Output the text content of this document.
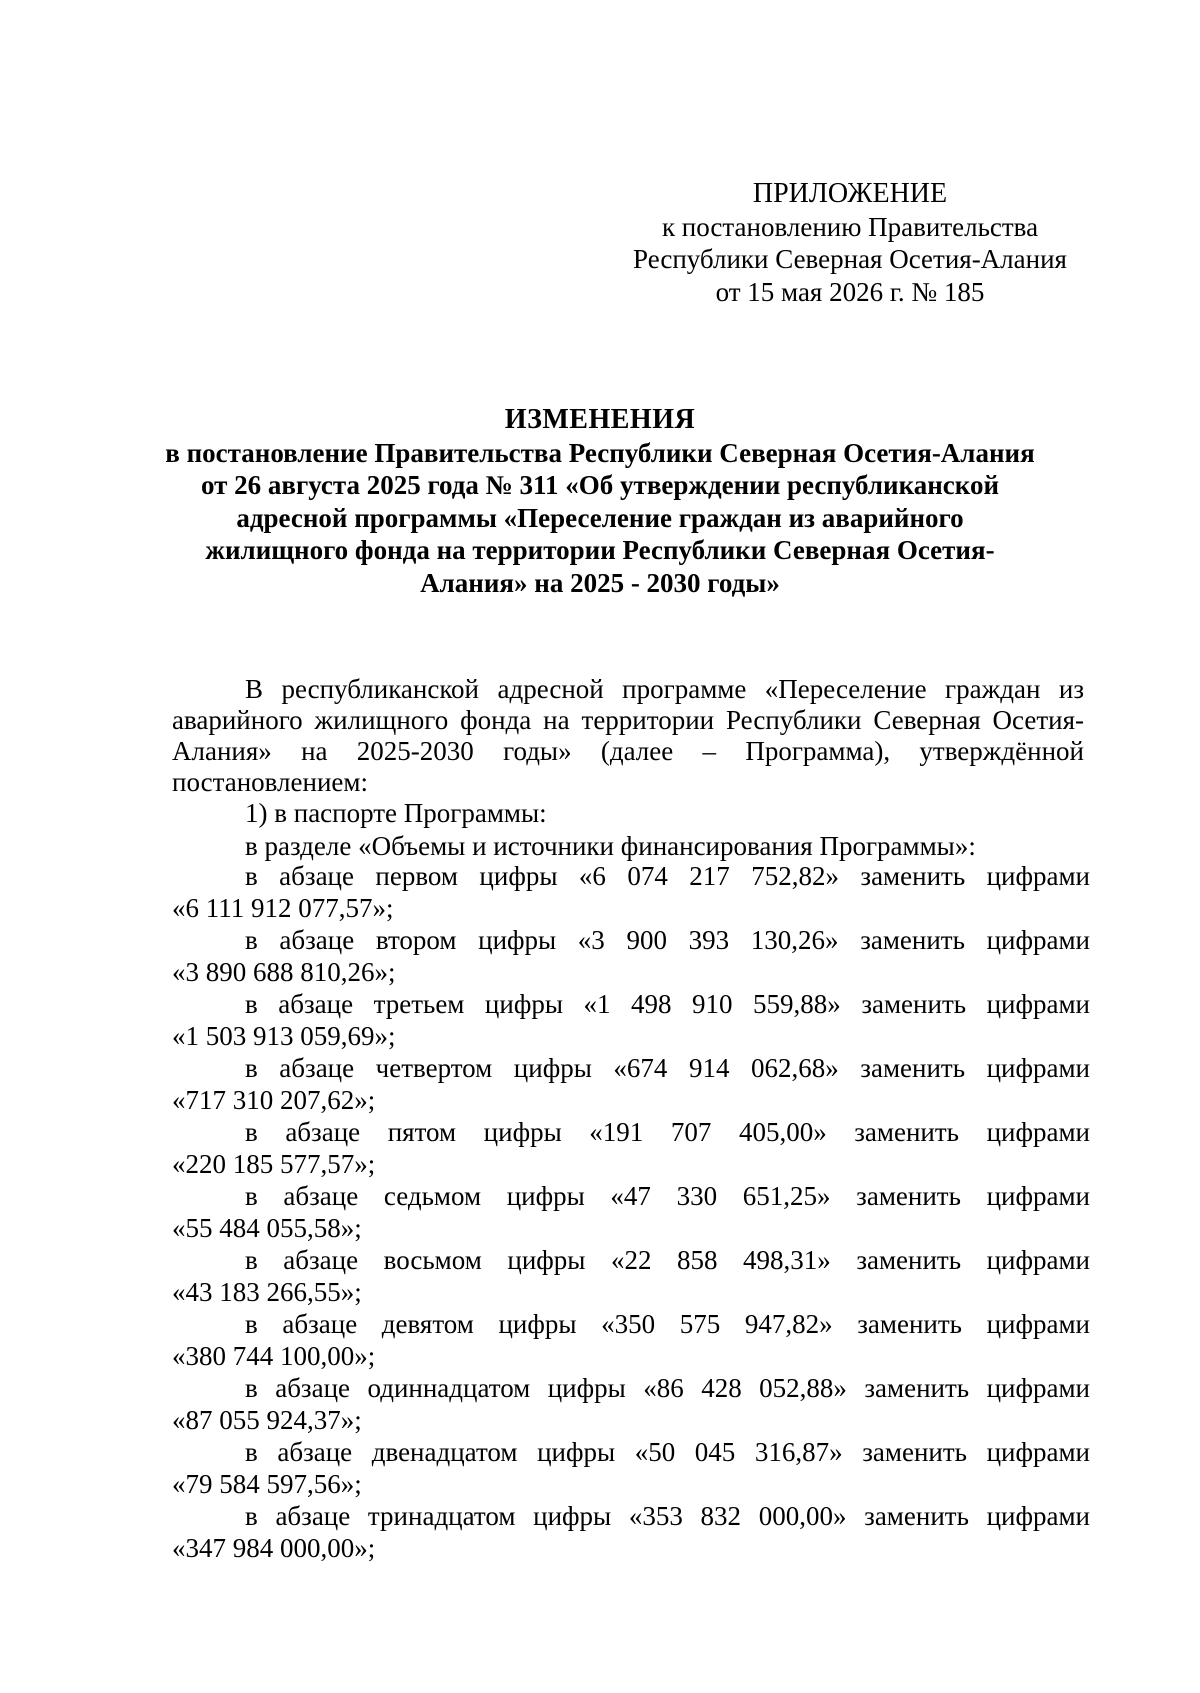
ПРИЛОЖЕНИЕ
к постановлению Правительства
Республики Северная Осетия-Алания
от 15 мая 2026 г. № 185
ИЗМЕНЕНИЯ
в постановление Правительства Республики Северная Осетия-Алания
от 26 августа 2025 года № 311 «Об утверждении республиканской
адресной программы «Переселение граждан из аварийного
жилищного фонда на территории Республики Северная Осетия-
Алания» на 2025 - 2030 годы»

В республиканской адресной программе «Переселение граждан из аварийного жилищного фонда на территории Республики Северная Осетия-Алания» на 2025-2030 годы» (далее – Программа), утверждённой постановлением:

1) в паспорте Программы:

в разделе «Объемы и источники финансирования Программы»:

в абзаце первом цифры «6 074 217 752,82» заменить цифрами
«6 111 912 077,57»;
в абзаце втором цифры «3 900 393 130,26» заменить цифрами
«3 890 688 810,26»;
в абзаце третьем цифры «1 498 910 559,88» заменить цифрами
«1 503 913 059,69»;
в абзаце четвертом цифры «674 914 062,68» заменить цифрами
«717 310 207,62»;
в абзаце пятом цифры «191 707 405,00» заменить цифрами
«220 185 577,57»;
в абзаце седьмом цифры «47 330 651,25» заменить цифрами
«55 484 055,58»;
в абзаце восьмом цифры «22 858 498,31» заменить цифрами
«43 183 266,55»;
в абзаце девятом цифры «350 575 947,82» заменить цифрами
«380 744 100,00»;
в абзаце одиннадцатом цифры «86 428 052,88» заменить цифрами
«87 055 924,37»;
в абзаце двенадцатом цифры «50 045 316,87» заменить цифрами
«79 584 597,56»;
в абзаце тринадцатом цифры «353 832 000,00» заменить цифрами
«347 984 000,00»;
